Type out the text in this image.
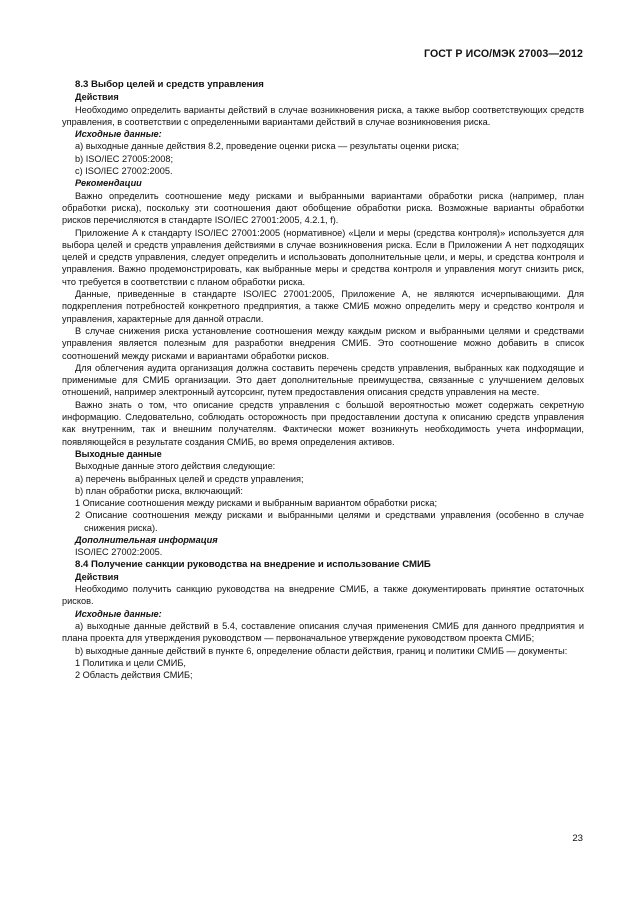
ГОСТ Р ИСО/МЭК 27003—2012

8.3 Выбор целей и средств управления

Действия

Необходимо определить варианты действий в случае возникновения риска, а также выбор соответствующих средств управления, в соответствии с определенными вариантами действий в случае возникновения риска.

Исходные данные:

a) выходные данные действия 8.2, проведение оценки риска — результаты оценки риска;

b) ISO/IEC 27005:2008;

c) ISO/IEC 27002:2005.

Рекомендации

Важно определить соотношение меду рисками и выбранными вариантами обработки риска (например, план обработки риска), поскольку эти соотношения дают обобщение обработки риска. Возможные варианты обработки рисков перечисляются в стандарте ISO/IEC 27001:2005, 4.2.1, f).

Приложение А к стандарту ISO/IEC 27001:2005 (нормативное) «Цели и меры (средства контроля)» используется для выбора целей и средств управления действиями в случае возникновения риска. Если в Приложении А нет подходящих целей и средств управления, следует определить и использовать дополнительные цели, и меры, и средства контроля и управления. Важно продемонстрировать, как выбранные меры и средства контроля и управления могут снизить риск, что требуется в соответствии с планом обработки риска.

Данные, приведенные в стандарте ISO/IEC 27001:2005, Приложение А, не являются исчерпывающими. Для подкрепления потребностей конкретного предприятия, а также СМИБ можно определить меру и средство контроля и управления, характерные для данной отрасли.

В случае снижения риска установление соотношения между каждым риском и выбранными целями и средствами управления является полезным для разработки внедрения СМИБ. Это соотношение можно добавить в список соотношений между рисками и вариантами обработки рисков.

Для облегчения аудита организация должна составить перечень средств управления, выбранных как подходящие и применимые для СМИБ организации. Это дает дополнительные преимущества, связанные с улучшением деловых отношений, например электронный аутсорсинг, путем предоставления описания средств управления на месте.

Важно знать о том, что описание средств управления с большой вероятностью может содержать секретную информацию. Следовательно, соблюдать осторожность при предоставлении доступа к описанию средств управления как внутренним, так и внешним получателям. Фактически может возникнуть необходимость учета информации, появляющейся в результате создания СМИБ, во время определения активов.

Выходные данные

Выходные данные этого действия следующие:

a) перечень выбранных целей и средств управления;

b) план обработки риска, включающий:

1 Описание соотношения между рисками и выбранным вариантом обработки риска;

2 Описание соотношения между рисками и выбранными целями и средствами управления (особенно в случае снижения риска).

Дополнительная информация

ISO/IEC 27002:2005.

8.4 Получение санкции руководства на внедрение и использование СМИБ

Действия

Необходимо получить санкцию руководства на внедрение СМИБ, а также документировать принятие остаточных рисков.

Исходные данные:

a) выходные данные действий в 5.4, составление описания случая применения СМИБ для данного предприятия и плана проекта для утверждения руководством — первоначальное утверждение руководством проекта СМИБ;

b) выходные данные действий в пункте 6, определение области действия, границ и политики СМИБ — документы:

1 Политика и цели СМИБ,

2 Область действия СМИБ;

23
